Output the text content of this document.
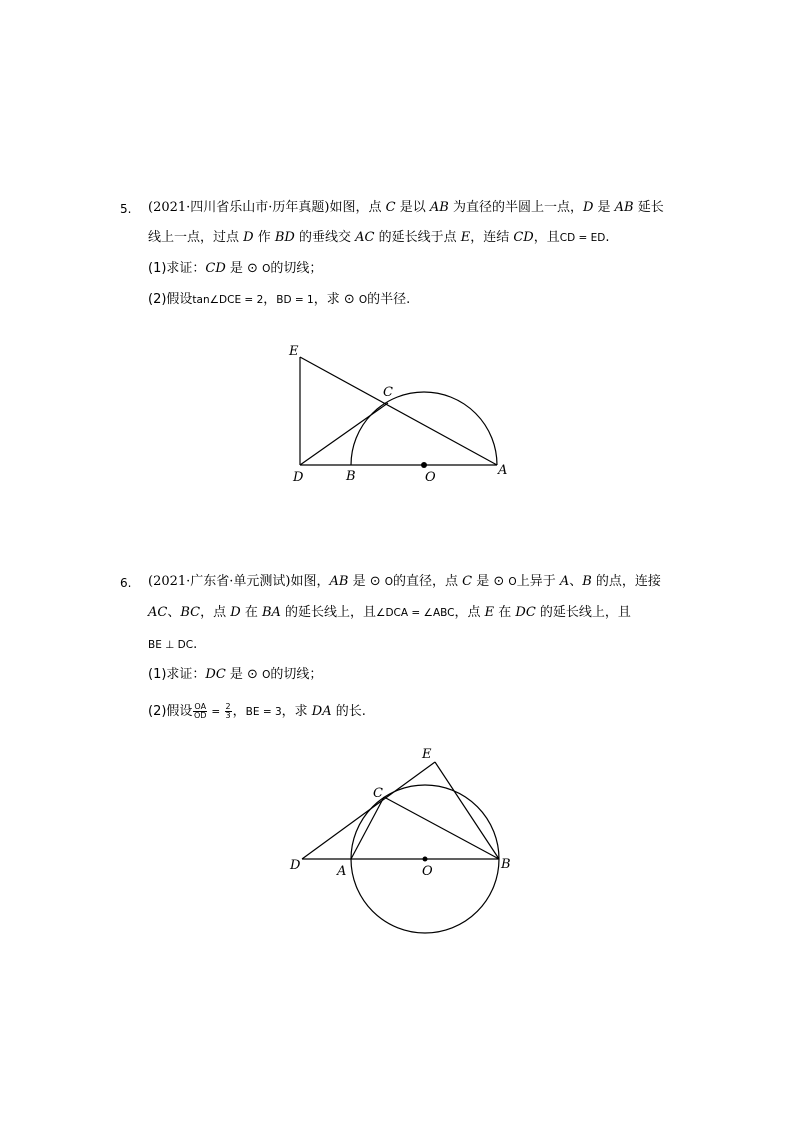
5. (2021·四川省乐山市·历年真题)如图，点 C 是以 AB 为直径的半圆上一点，D 是 AB 延长
线上一点，过点 D 作 BD 的垂线交 AC 的延长线于点 E，连结 CD，且CD = ED.
(1)求证：CD 是 ⊙ O的切线；
(2)假设tan∠DCE = 2，BD = 1，求 ⊙ O的半径.
E
C
D	B	O	A
6. (2021·广东省·单元测试)如图，AB 是 ⊙ O的直径，点 C 是 ⊙ O上异于 A、B 的点，连接
AC、BC，点 D 在 BA 的延长线上，且∠DCA = ∠ABC，点 E 在 DC 的延长线上，且
BE ⊥ DC.
(1)求证：DC 是 ⊙ O的切线；
(2)假设 $\frac{OA}{OD} = \frac{2}{3}$ ，BE = 3，求 DA 的长.
E
C
D	A	O	B
